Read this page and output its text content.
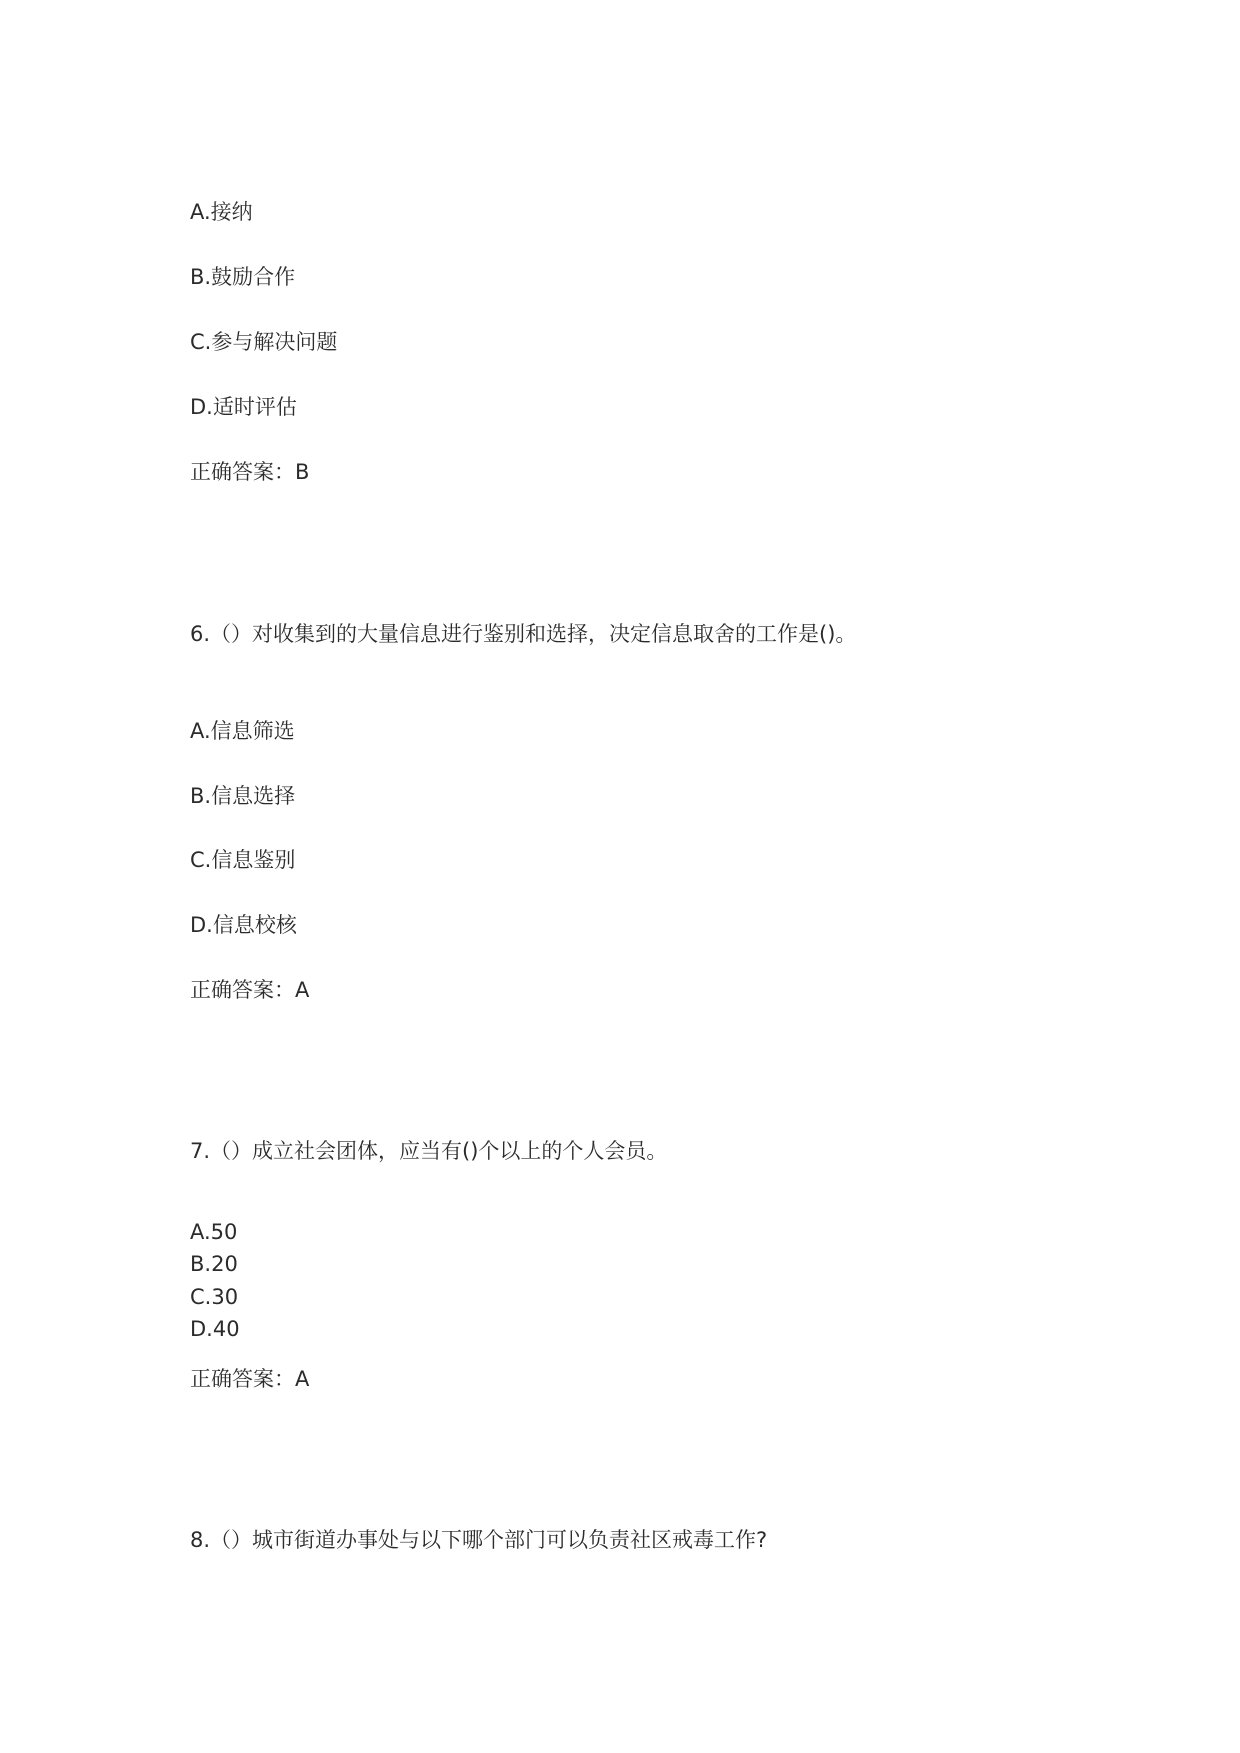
A.接纳
B.鼓励合作
C.参与解决问题
D.适时评估
正确答案：B
6.（）对收集到的大量信息进行鉴别和选择，决定信息取舍的工作是()。
A.信息筛选
B.信息选择
C.信息鉴别
D.信息校核
正确答案：A
7.（）成立社会团体，应当有()个以上的个人会员。
A.50
B.20
C.30
D.40
正确答案：A
8.（）城市街道办事处与以下哪个部门可以负责社区戒毒工作?
